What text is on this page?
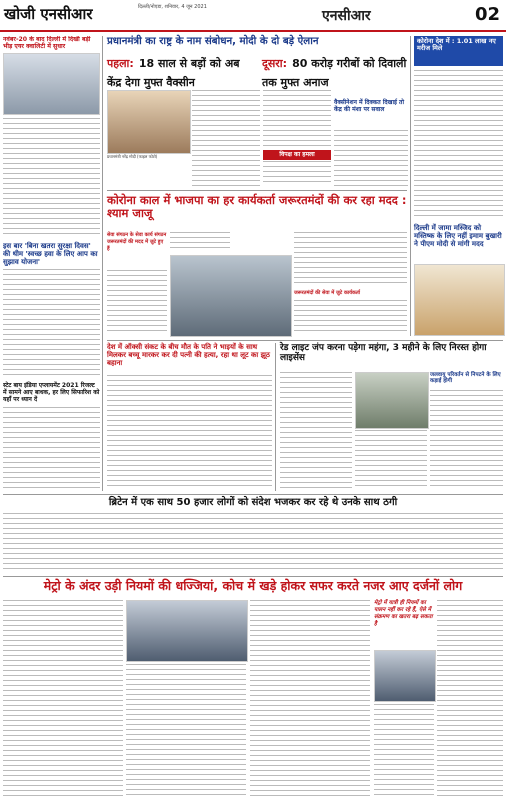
खोजी एनसीआर	दिल्ली/नोएडा, शनिवार, 4 जून 2021
एनसीआर	02
नवंबर-20 के बाद दिल्ली में दिखी बड़ी भीड़ एयर क्वालिटी में सुधार
इस बार 'बिना खतरा सुरक्षा दिवस' की थीम 'स्वच्छ हवा के लिए आप का सुझाव योजना'
स्टेट बाय इंडिया एप्लायमेंट 2021 रिजल्ट में सामने आए बाधक, हर लिए सिफारिश को यहाँ पर ध्यान दें
प्रधानमंत्री का राष्ट्र के नाम संबोधन, मोदी के दो बड़े ऐलान
पहला: 18 साल से बड़ों को अब केंद्र देगा मुफ्त वैक्सीन
दूसरा: 80 करोड़ गरीबों को दिवाली तक मुफ्त अनाज
प्रधानमंत्री नरेंद्र मोदी (फाइल फोटो)	विपक्ष का हमला
वैक्सीनेशन में दिक्कत दिखाई तो केंद्र की मंशा पर सवाल
कोरोना देश में : 1.01 लाख नए मरीज मिले
दिल्ली में जामा मस्जिद को मस्तिष्क के लिए नहीं इमाम बुखारी ने पीएम मोदी से मांगी मदद
कोरोना काल में भाजपा का हर कार्यकर्ता जरूरतमंदों की कर रहा मदद : श्याम जाजू
सेवा संगठन के सेवा कार्य संगठन जरूरतमंदों की मदद में जुटे हुए हैं
जरूरतमंदों की सेवा में जुटे कार्यकर्ता
देश में ऑक्सी संकट के बीच मौत के पति ने भाइयों के साथ मिलकर बच्चू मारकर कर दी पत्नी की हत्या, रहा था लूट का झूठ बहाना
रेड लाइट जंप करना पड़ेगा महंगा, 3 महीने के लिए निरस्त होगा लाइसेंस
जलवायु परिवर्तन से निपटने के लिए कड़ाई होगी
ब्रिटेन में एक साथ 50 हजार लोगों को संदेश भजकर कर रहे थे उनके साथ ठगी
मेट्रो के अंदर उड़ी नियमों की धज्जियां, कोच में खड़े होकर सफर करते नजर आए दर्जनों लोग
मेट्रो में यात्री ही नियमों का पालन नहीं कर रहे हैं, ऐसे में संक्रमण का खतरा बढ़ सकता है
